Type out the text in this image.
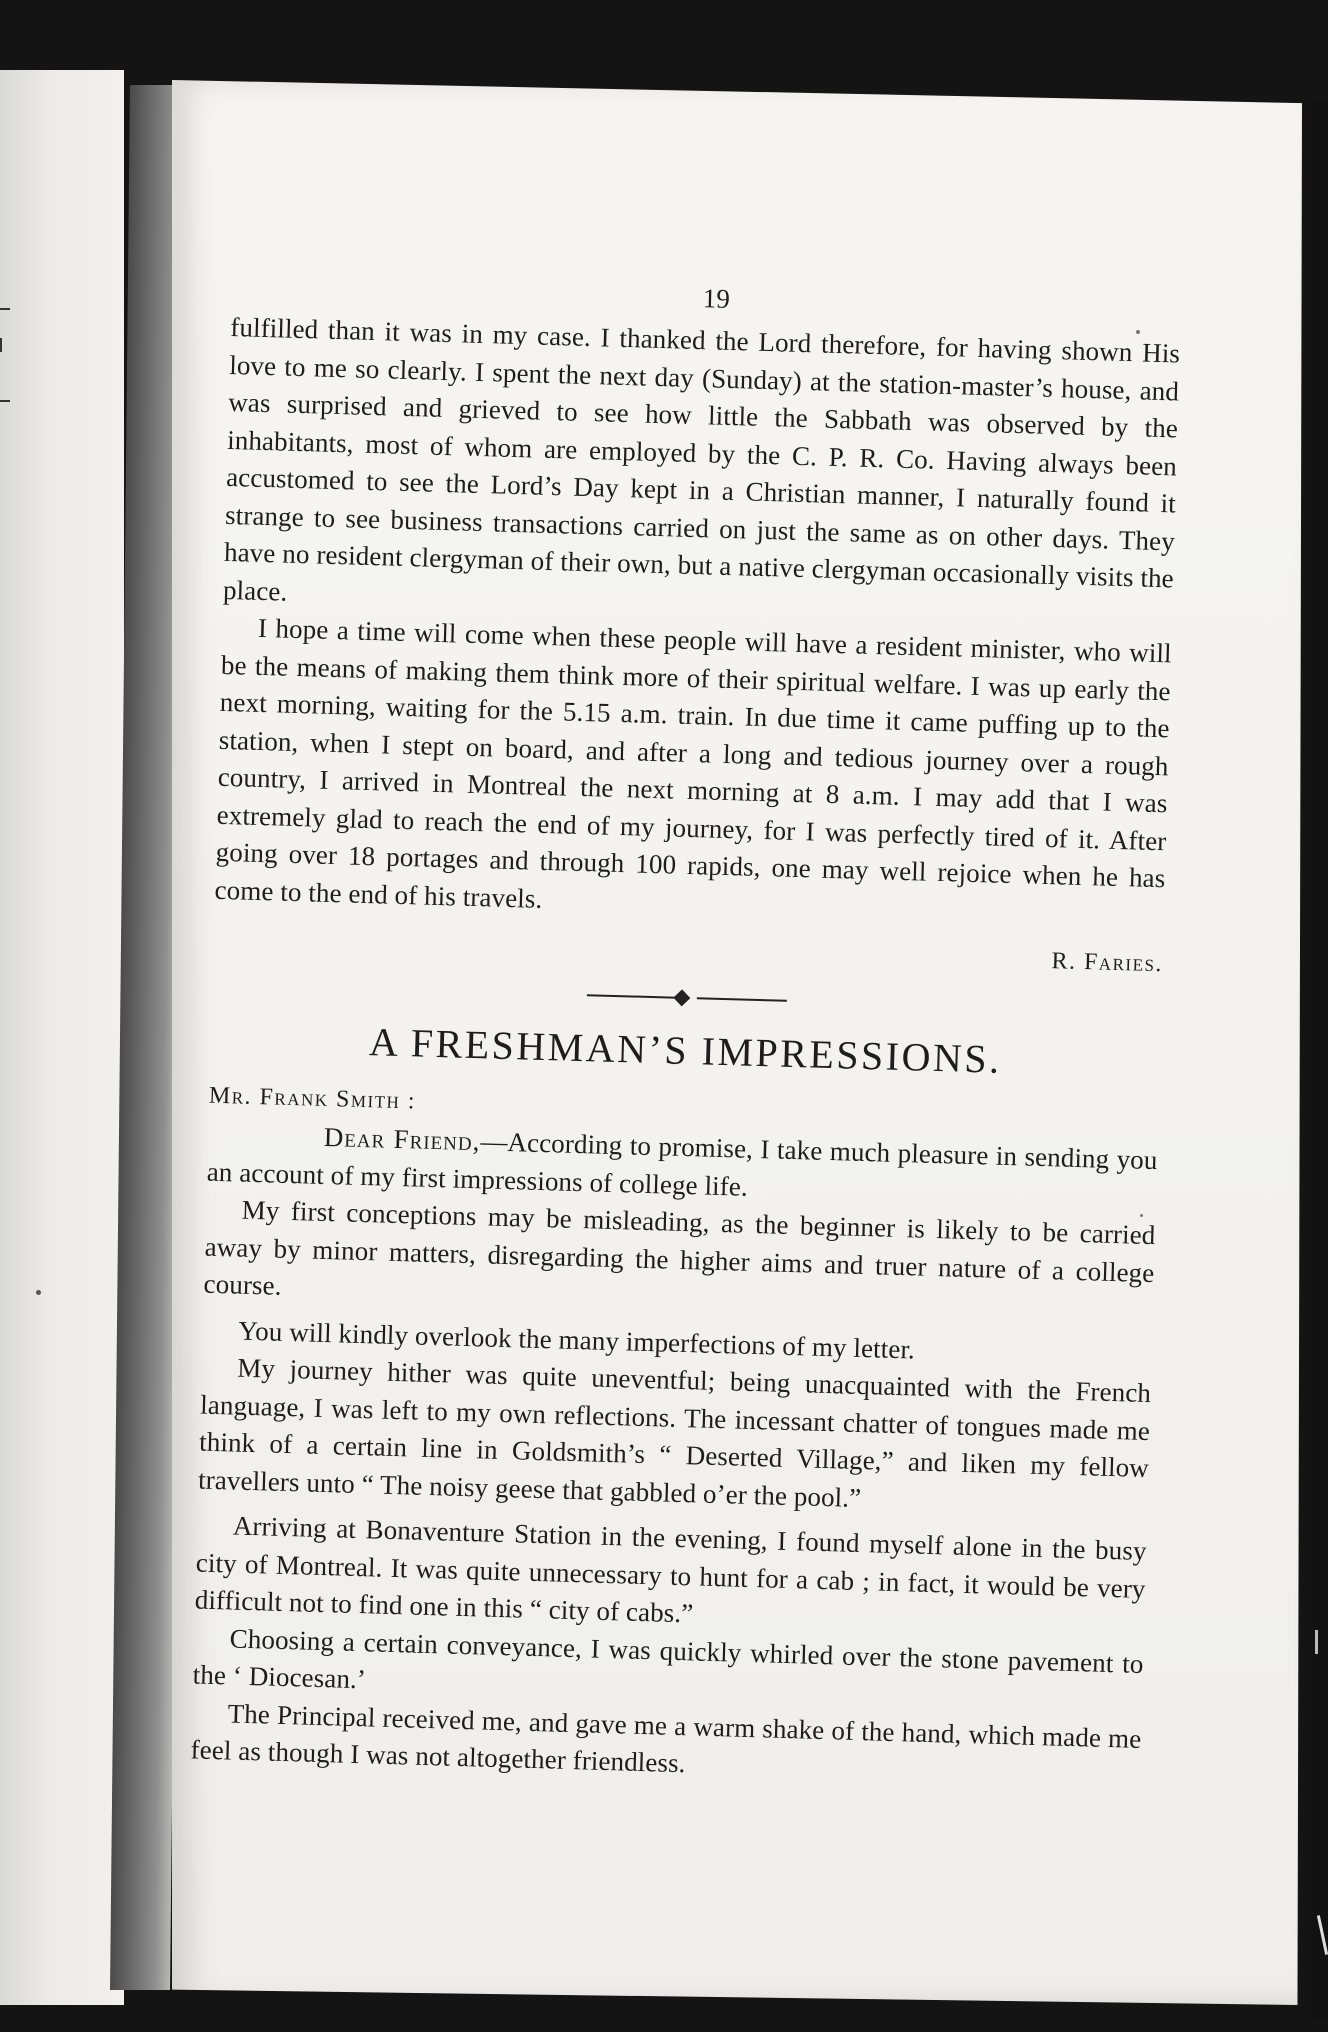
19

fulfilled than it was in my case. I thanked the Lord therefore, for having shown His love to me so clearly. I spent the next day (Sunday) at the station-master’s house, and was surprised and grieved to see how little the Sabbath was observed by the inhabitants, most of whom are employed by the C. P. R. Co. Having always been accustomed to see the Lord’s Day kept in a Christian manner, I naturally found it strange to see business transactions carried on just the same as on other days. They have no resident clergyman of their own, but a native clergyman occasionally visits the place.

I hope a time will come when these people will have a resident minister, who will be the means of making them think more of their spiritual welfare. I was up early the next morning, waiting for the 5.15 a.m. train. In due time it came puffing up to the station, when I stept on board, and after a long and tedious journey over a rough country, I arrived in Montreal the next morning at 8 a.m. I may add that I was extremely glad to reach the end of my journey, for I was perfectly tired of it. After going over 18 portages and through 100 rapids, one may well rejoice when he has come to the end of his travels.

R. Faries.
A FRESHMAN’S IMPRESSIONS.
Mr. Frank Smith :

Dear Friend,—According to promise, I take much pleasure in sending you an account of my first impressions of college life.

My first conceptions may be misleading, as the beginner is likely to be carried away by minor matters, disregarding the higher aims and truer nature of a college course.

You will kindly overlook the many imperfections of my letter.

My journey hither was quite uneventful; being unacquainted with the French language, I was left to my own reflections. The incessant chatter of tongues made me think of a certain line in Goldsmith’s “ Deserted Village,” and liken my fellow travellers unto “ The noisy geese that gabbled o’er the pool.”

Arriving at Bonaventure Station in the evening, I found myself alone in the busy city of Montreal. It was quite unnecessary to hunt for a cab ; in fact, it would be very difficult not to find one in this “ city of cabs.”

Choosing a certain conveyance, I was quickly whirled over the stone pavement to the ‘ Diocesan.’

The Principal received me, and gave me a warm shake of the hand, which made me feel as though I was not altogether friendless.
